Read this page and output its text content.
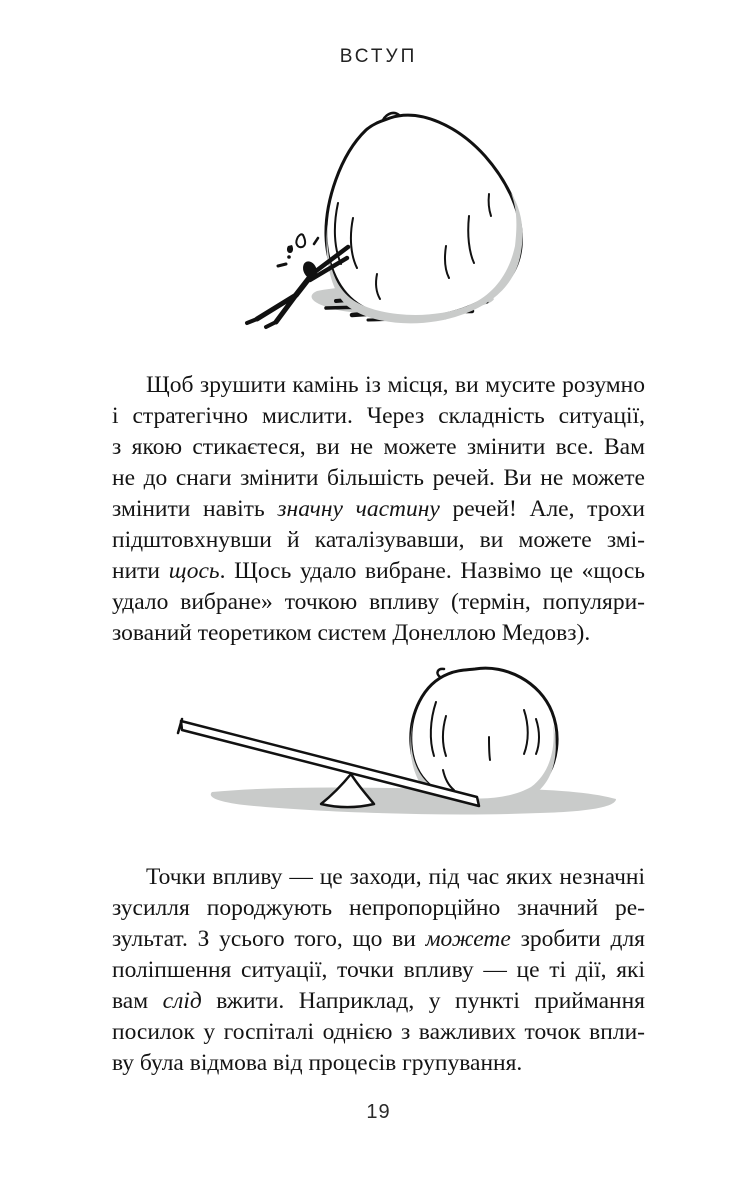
ВСТУП
Щоб зрушити камінь із місця, ви мусите розумно
і стратегічно мислити. Через складність ситуації,
з якою стикаєтеся, ви не можете змінити все. Вам
не до снаги змінити більшість речей. Ви не можете
змінити навіть значну частину речей! Але, трохи
підштовхнувши й каталізувавши, ви можете змі-
нити щось. Щось удало вибране. Назвімо це «щось
удало вибране» точкою впливу (термін, популяри-
зований теоретиком систем Донеллою Медовз).
Точки впливу — це заходи, під час яких незначні
зусилля породжують непропорційно значний ре-
зультат. З усього того, що ви можете зробити для
поліпшення ситуації, точки впливу — це ті дії, які
вам слід вжити. Наприклад, у пункті приймання
посилок у госпіталі однією з важливих точок впли-
ву була відмова від процесів групування.
19
